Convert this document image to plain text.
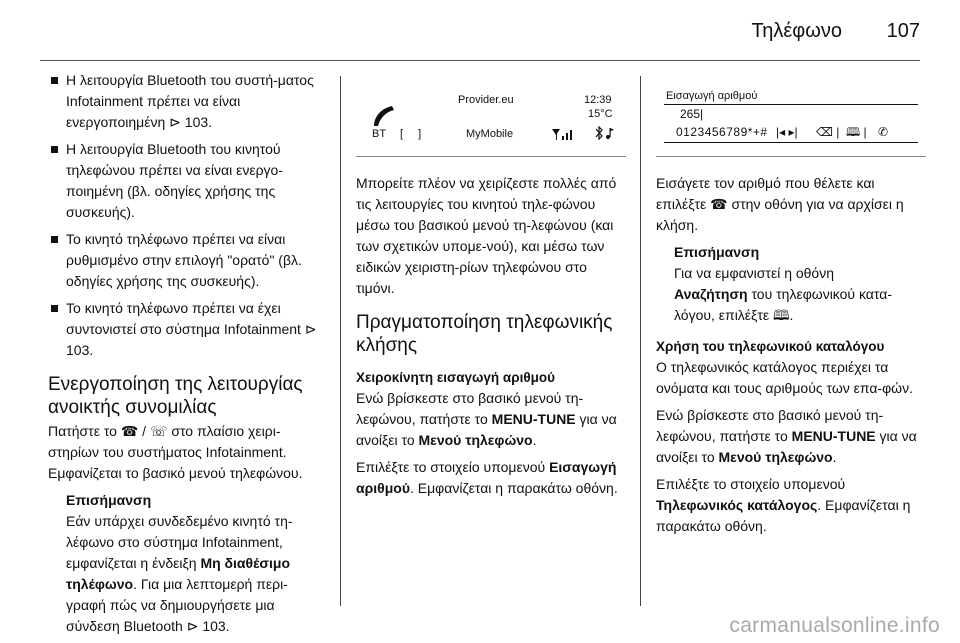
Τηλέφωνο 107
Η λειτουργία Bluetooth του συστή-ματος Infotainment πρέπει να είναι ενεργοποιημένη ⊳ 103.
Η λειτουργία Bluetooth του κινητού τηλεφώνου πρέπει να είναι ενεργο-ποιημένη (βλ. οδηγίες χρήσης της συσκευής).
Το κινητό τηλέφωνο πρέπει να είναι ρυθμισμένο στην επιλογή "ορατό" (βλ. οδηγίες χρήσης της συσκευής).
Το κινητό τηλέφωνο πρέπει να έχει συντονιστεί στο σύστημα Infotainment ⊳ 103.
Ενεργοποίηση της λειτουργίας ανοικτής συνομιλίας

Πατήστε το ☎ / ☏ στο πλαίσιο χειρι-στηρίων του συστήματος Infotainment. Εμφανίζεται το βασικό μενού τηλεφώνου.

Επισήμανση
Εάν υπάρχει συνδεδεμένο κινητό τη-λέφωνο στο σύστημα Infotainment, εμφανίζεται η ένδειξη Μη διαθέσιμο τηλέφωνο. Για μια λεπτομερή περι-γραφή πώς να δημιουργήσετε μια σύνδεση Bluetooth ⊳ 103.
Provider.eu	12:39
15°C
BT [ ]	MyMobile

Μπορείτε πλέον να χειρίζεστε πολλές από τις λειτουργίες του κινητού τηλε-φώνου μέσω του βασικού μενού τη-λεφώνου (και των σχετικών υπομε-νού), και μέσω των ειδικών χειριστη-ρίων τηλεφώνου στο τιμόνι.

Πραγματοποίηση τηλεφωνικής κλήσης
Χειροκίνητη εισαγωγή αριθμού

Ενώ βρίσκεστε στο βασικό μενού τη-λεφώνου, πατήστε το MENU-TUNE για να ανοίξει το Μενού τηλεφώνο.

Επιλέξτε το στοιχείο υπομενού Εισαγωγή αριθμού. Εμφανίζεται η παρακάτω οθόνη.

Εισαγωγή αριθμού
265|
0123456789*+# |◂ ▸| ⌫ | 🕮 | ✆

Εισάγετε τον αριθμό που θέλετε και επιλέξτε ☎ στην οθόνη για να αρχίσει η κλήση.

Επισήμανση
Για να εμφανιστεί η οθόνη
Αναζήτηση του τηλεφωνικού κατα-λόγου, επιλέξτε 🕮.
Χρήση του τηλεφωνικού καταλόγου

Ο τηλεφωνικός κατάλογος περιέχει τα ονόματα και τους αριθμούς των επα-φών.

Ενώ βρίσκεστε στο βασικό μενού τη-λεφώνου, πατήστε το MENU-TUNE για να ανοίξει το Μενού τηλεφώνο.

Επιλέξτε το στοιχείο υπομενού Τηλεφωνικός κατάλογος. Εμφανίζεται η παρακάτω οθόνη.

carmanualsonline.info
